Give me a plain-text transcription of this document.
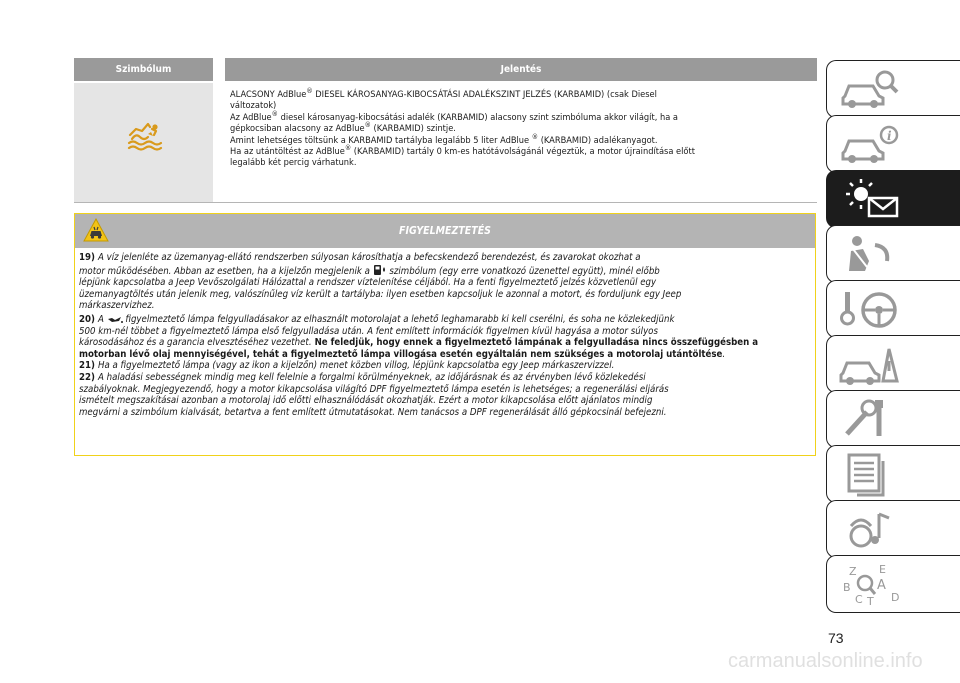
Szimbólum	Jelentés
ALACSONY AdBlue® DIESEL KÁROSANYAG-KIBOCSÁTÁSI ADALÉKSZINT JELZÉS (KARBAMID) (csak Diesel
változatok)
Az AdBlue® diesel károsanyag-kibocsátási adalék (KARBAMID) alacsony szint szimbóluma akkor világít, ha a
gépkocsiban alacsony az AdBlue® (KARBAMID) szintje.
Amint lehetséges töltsünk a KARBAMID tartályba legalább 5 liter AdBlue ® (KARBAMID) adalékanyagot.
Ha az utántöltést az AdBlue® (KARBAMID) tartály 0 km-es hatótávolságánál végeztük, a motor újraindítása előtt
legalább két percig várhatunk.
FIGYELMEZTETÉS
19) A víz jelenléte az üzemanyag-ellátó rendszerben súlyosan károsíthatja a befecskendező berendezést, és zavarokat okozhat a
motor működésében. Abban az esetben, ha a kijelzőn megjelenik a  szimbólum (egy erre vonatkozó üzenettel együtt), minél előbb
lépjünk kapcsolatba a Jeep Vevőszolgálati Hálózattal a rendszer víztelenítése céljából. Ha a fenti figyelmeztető jelzés közvetlenül egy
üzemanyagtöltés után jelenik meg, valószínűleg víz került a tartályba: ilyen esetben kapcsoljuk le azonnal a motort, és forduljunk egy Jeep
márkaszervizhez.
20) A  figyelmeztető lámpa felgyulladásakor az elhasznált motorolajat a lehető leghamarabb ki kell cserélni, és soha ne közlekedjünk
500 km-nél többet a figyelmeztető lámpa első felgyulladása után. A fent említett információk figyelmen kívül hagyása a motor súlyos
károsodásához és a garancia elvesztéséhez vezethet. Ne feledjük, hogy ennek a figyelmeztető lámpának a felgyulladása nincs összefüggésben a
motorban lévő olaj mennyiségével, tehát a figyelmeztető lámpa villogása esetén egyáltalán nem szükséges a motorolaj utántöltése.
21) Ha a figyelmeztető lámpa (vagy az ikon a kijelzőn) menet közben villog, lépjünk kapcsolatba egy Jeep márkaszervizzel.
22) A haladási sebességnek mindig meg kell felelnie a forgalmi körülményeknek, az időjárásnak és az érvényben lévő közlekedési
szabályoknak. Megjegyezendő, hogy a motor kikapcsolása világító DPF figyelmeztető lámpa esetén is lehetséges; a regenerálási eljárás
ismételt megszakításai azonban a motorolaj idő előtti elhasználódását okozhatják. Ezért a motor kikapcsolása előtt ajánlatos mindig
megvárni a szimbólum kialvását, betartva a fent említett útmutatásokat. Nem tanácsos a DPF regenerálását álló gépkocsinál befejezni.
i
Z E
B A
C T D
73
carmanualsonline.info
